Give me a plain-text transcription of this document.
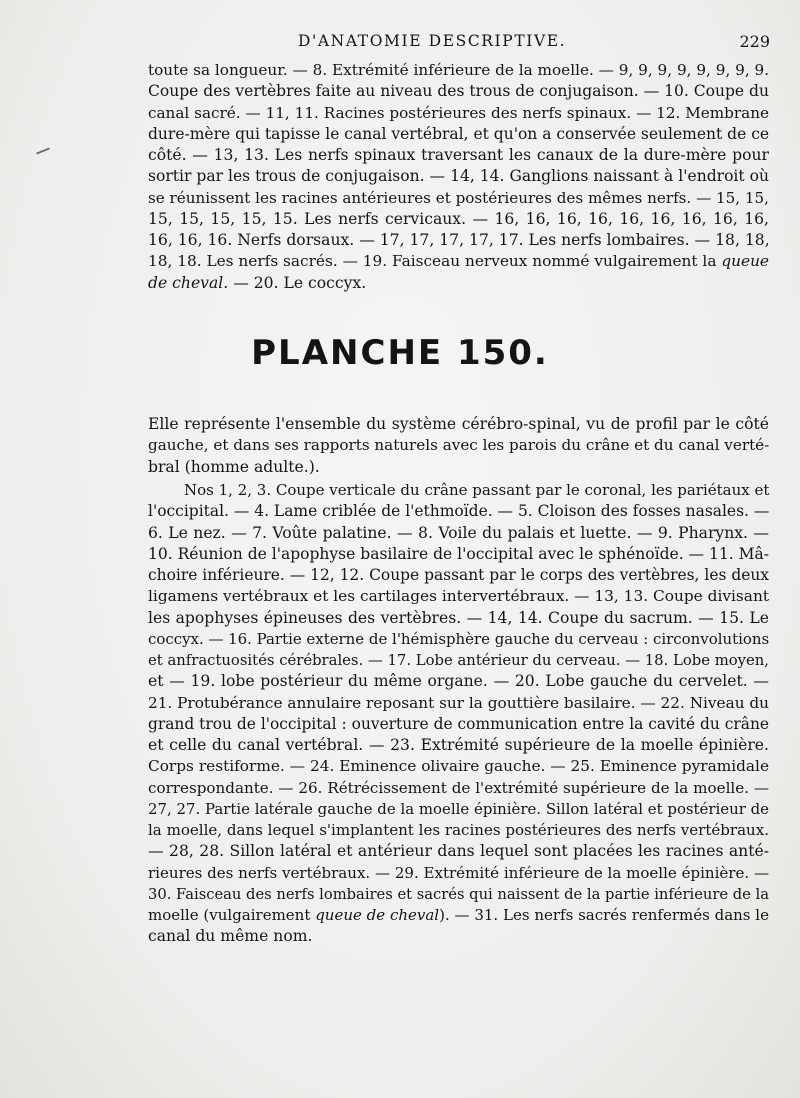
D'ANATOMIE DESCRIPTIVE.	229
toute sa longueur. — 8. Extrémité inférieure de la moelle. — 9, 9, 9, 9, 9, 9, 9, 9.
Coupe des vertèbres faite au niveau des trous de conjugaison. — 10. Coupe du
canal sacré. — 11, 11. Racines postérieures des nerfs spinaux. — 12. Membrane
dure-mère qui tapisse le canal vertébral, et qu'on a conservée seulement de ce
côté. — 13, 13. Les nerfs spinaux traversant les canaux de la dure-mère pour
sortir par les trous de conjugaison. — 14, 14. Ganglions naissant à l'endroit où
se réunissent les racines antérieures et postérieures des mêmes nerfs. — 15, 15,
15, 15, 15, 15, 15. Les nerfs cervicaux. — 16, 16, 16, 16, 16, 16, 16, 16, 16,
16, 16, 16. Nerfs dorsaux. — 17, 17, 17, 17, 17. Les nerfs lombaires. — 18, 18,
18, 18. Les nerfs sacrés. — 19. Faisceau nerveux nommé vulgairement la queue
de cheval. — 20. Le coccyx.
PLANCHE 150.
Elle représente l'ensemble du système cérébro-spinal, vu de profil par le côté
gauche, et dans ses rapports naturels avec les parois du crâne et du canal verté-
bral (homme adulte.).
Nos 1, 2, 3. Coupe verticale du crâne passant par le coronal, les pariétaux et
l'occipital. — 4. Lame criblée de l'ethmoïde. — 5. Cloison des fosses nasales. —
6. Le nez. — 7. Voûte palatine. — 8. Voile du palais et luette. — 9. Pharynx. —
10. Réunion de l'apophyse basilaire de l'occipital avec le sphénoïde. — 11. Mâ-
choire inférieure. — 12, 12. Coupe passant par le corps des vertèbres, les deux
ligamens vertébraux et les cartilages intervertébraux. — 13, 13. Coupe divisant
les apophyses épineuses des vertèbres. — 14, 14. Coupe du sacrum. — 15. Le
coccyx. — 16. Partie externe de l'hémisphère gauche du cerveau : circonvolutions
et anfractuosités cérébrales. — 17. Lobe antérieur du cerveau. — 18. Lobe moyen,
et — 19. lobe postérieur du même organe. — 20. Lobe gauche du cervelet. —
21. Protubérance annulaire reposant sur la gouttière basilaire. — 22. Niveau du
grand trou de l'occipital : ouverture de communication entre la cavité du crâne
et celle du canal vertébral. — 23. Extrémité supérieure de la moelle épinière.
Corps restiforme. — 24. Eminence olivaire gauche. — 25. Eminence pyramidale
correspondante. — 26. Rétrécissement de l'extrémité supérieure de la moelle. —
27, 27. Partie latérale gauche de la moelle épinière. Sillon latéral et postérieur de
la moelle, dans lequel s'implantent les racines postérieures des nerfs vertébraux.
— 28, 28. Sillon latéral et antérieur dans lequel sont placées les racines anté-
rieures des nerfs vertébraux. — 29. Extrémité inférieure de la moelle épinière. —
30. Faisceau des nerfs lombaires et sacrés qui naissent de la partie inférieure de la
moelle (vulgairement queue de cheval). — 31. Les nerfs sacrés renfermés dans le
canal du même nom.
